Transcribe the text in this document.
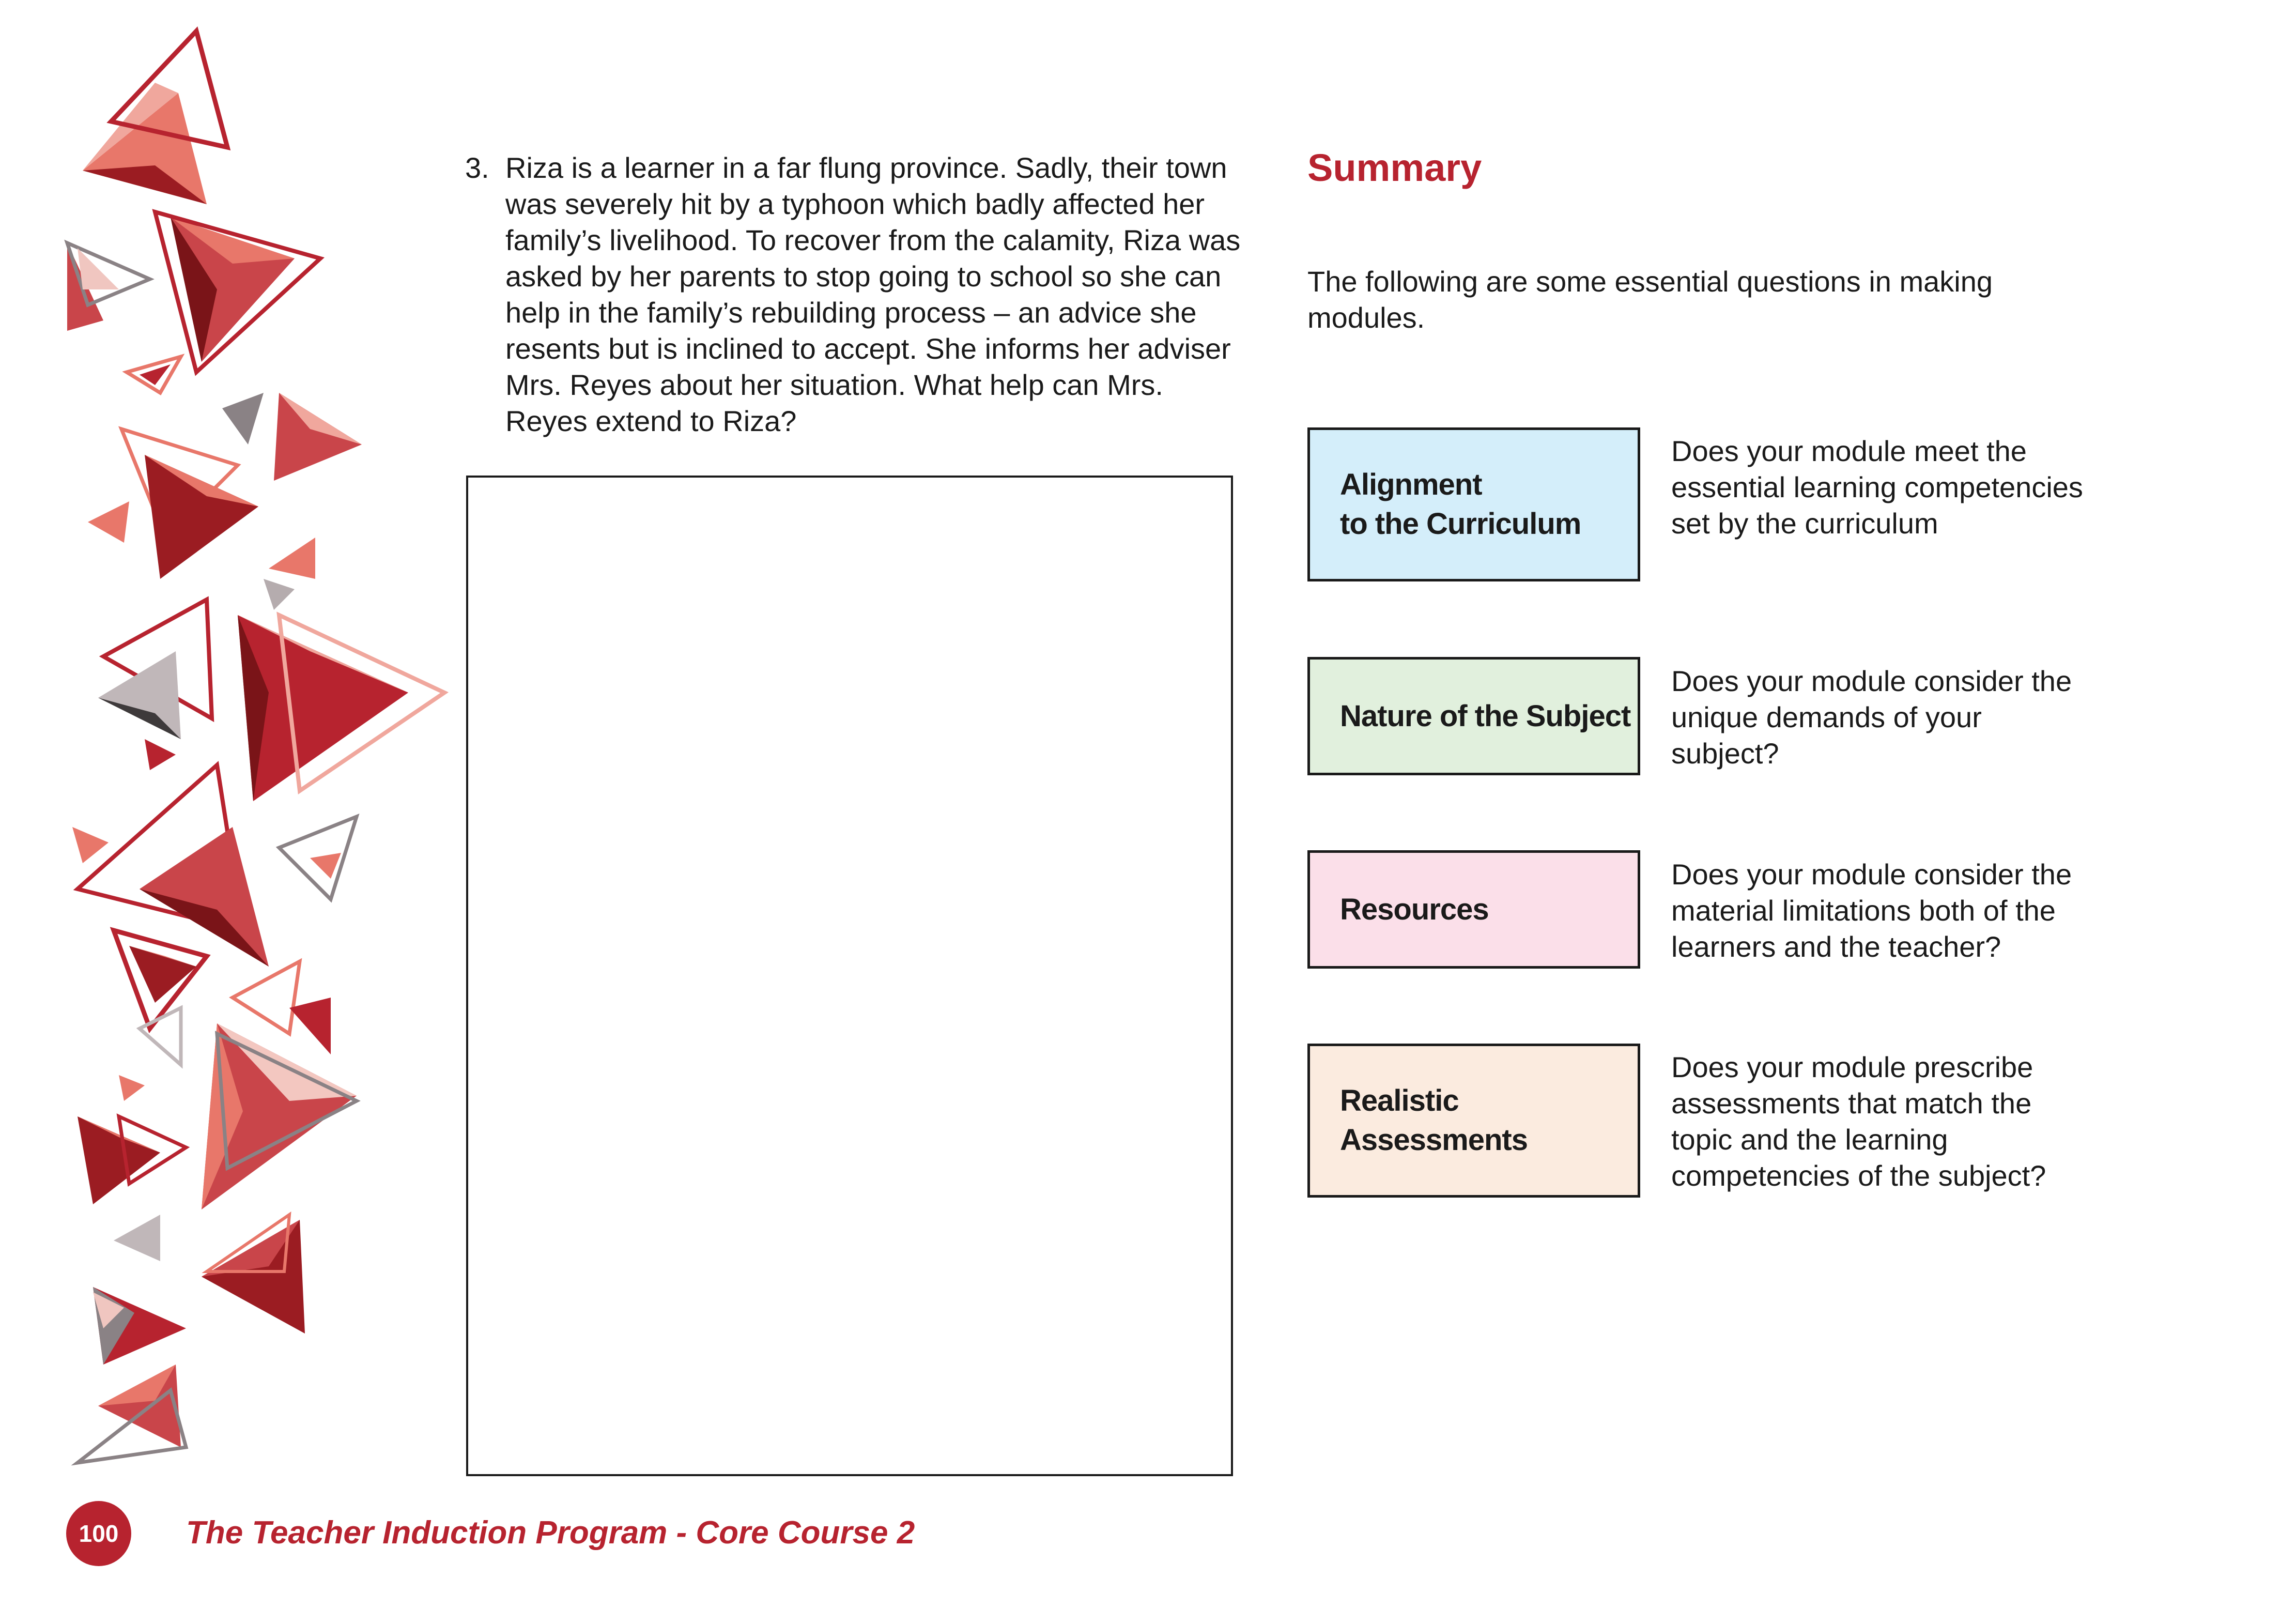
3. Riza is a learner in a far flung province. Sadly, their town was severely hit by a typhoon which badly affected her family’s livelihood. To recover from the calamity, Riza was asked by her parents to stop going to school so she can help in the family’s rebuilding process – an advice she resents but is inclined to accept. She informs her adviser Mrs. Reyes about her situation. What help can Mrs. Reyes extend to Riza?
Summary
The following are some essential questions in making modules.
Alignment
to the Curriculum
Does your module meet the essential learning competencies set by the curriculum
Nature of the Subject
Does your module consider the unique demands of your subject?
Resources
Does your module consider the material limitations both of the learners and the teacher?
Realistic
Assessments
Does your module prescribe assessments that match the topic and the learning competencies of the subject?
100	The Teacher Induction Program - Core Course 2
